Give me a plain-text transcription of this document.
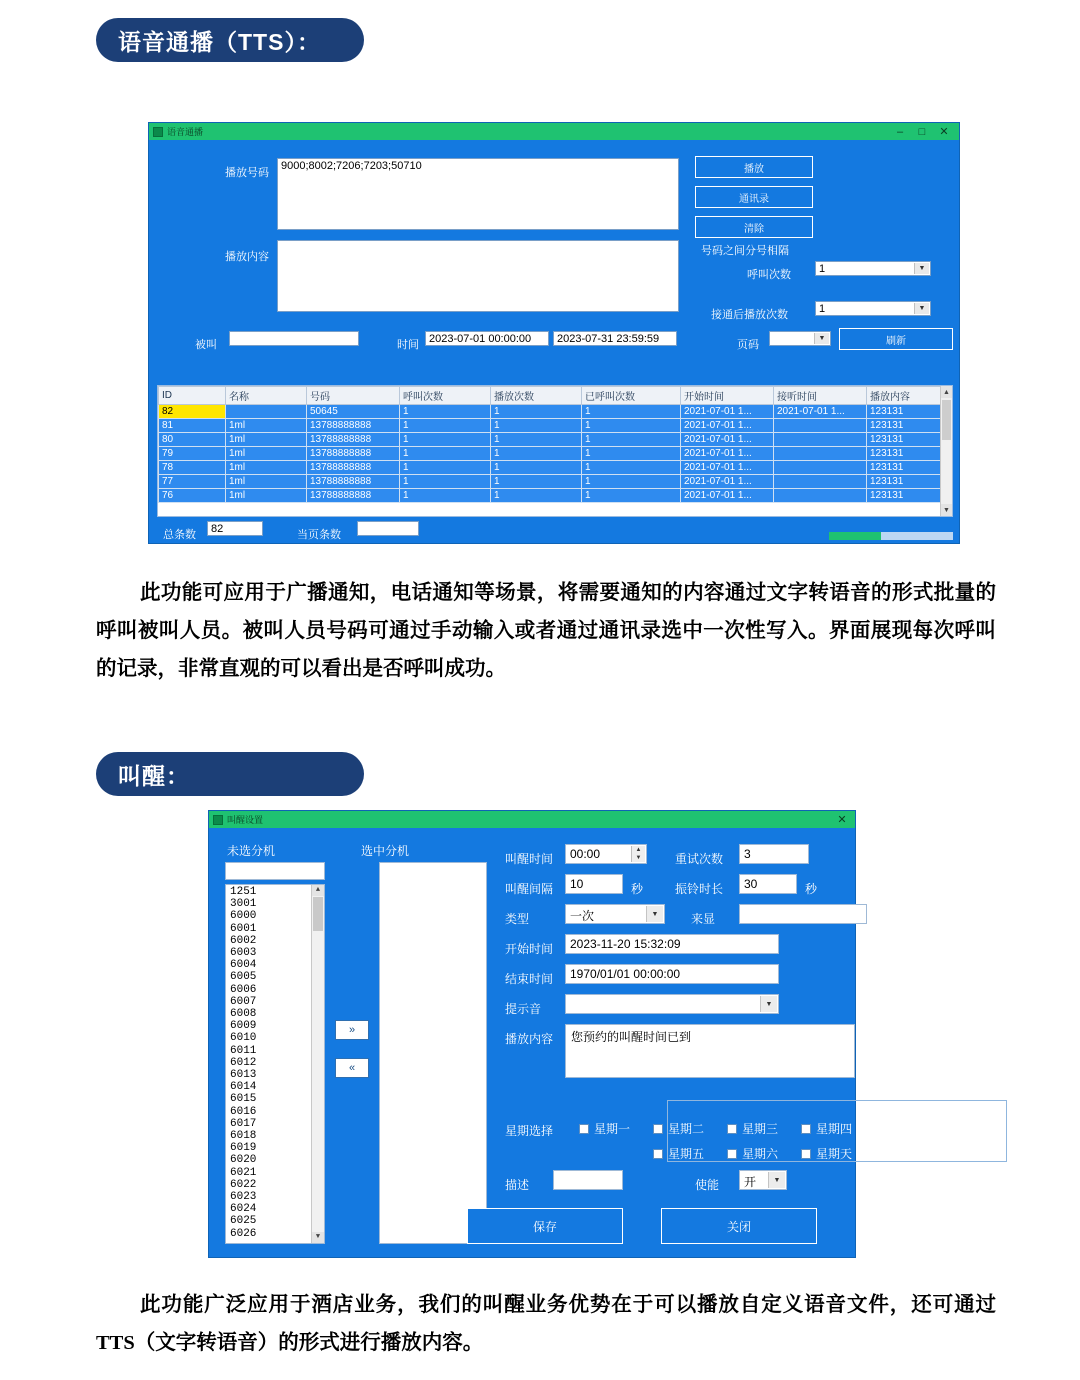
语音通播（TTS）：
语音通播	–	□	✕
播放号码
9000;8002;7206;7203;50710
播放内容
播放
通讯录
清除
号码之间分号相隔
呼叫次数	1	▼
接通后播放次数	1	▼
被叫	时间 2023-07-01 00:00:00	2023-07-31 23:59:59	页码
▼	刷新
ID	名称	号码	呼叫次数	播放次数	已呼叫次数	开始时间	接听时间	播放内容
82		50645	1	1	1	2021-07-01 1...	2021-07-01 1...	123131
81	1ml	13788888888	1	1	1	2021-07-01 1...		123131
80	1ml	13788888888	1	1	1	2021-07-01 1...		123131
79	1ml	13788888888	1	1	1	2021-07-01 1...		123131
78	1ml	13788888888	1	1	1	2021-07-01 1...		123131
77	1ml	13788888888	1	1	1	2021-07-01 1...		123131
76	1ml	13788888888	1	1	1	2021-07-01 1...		123131
▲
▼
总条数	82	当页条数
此功能可应用于广播通知，电话通知等场景，将需要通知的内容通过文字转语音的形式批量的呼叫被叫人员。被叫人员号码可通过手动输入或者通过通讯录选中一次性写入。界面展现每次呼叫的记录，非常直观的可以看出是否呼叫成功。
叫醒：
叫醒设置	✕
未选分机	选中分机
1251
3001
6000
6001
6002
6003
6004
6005
6006
6007
6008
6009
6010
6011
6012
6013
6014
6015
6016
6017
6018
6019
6020
6021
6022
6023
6024
6025
6026
▲
▼
»
«
叫醒时间	00:00	▲
▼	重试次数	3
叫醒间隔	10	秒	振铃时长	30	秒
类型	一次	▼	来显
开始时间	2023-11-20 15:32:09
结束时间	1970/01/01 00:00:00
提示音	▼
播放内容	您预约的叫醒时间已到
星期选择	星期一	星期二	星期三	星期四
星期五	星期六	星期天
描述	使能	开	▼
保存	关闭
此功能广泛应用于酒店业务，我们的叫醒业务优势在于可以播放自定义语音文件，还可通过TTS（文字转语音）的形式进行播放内容。
